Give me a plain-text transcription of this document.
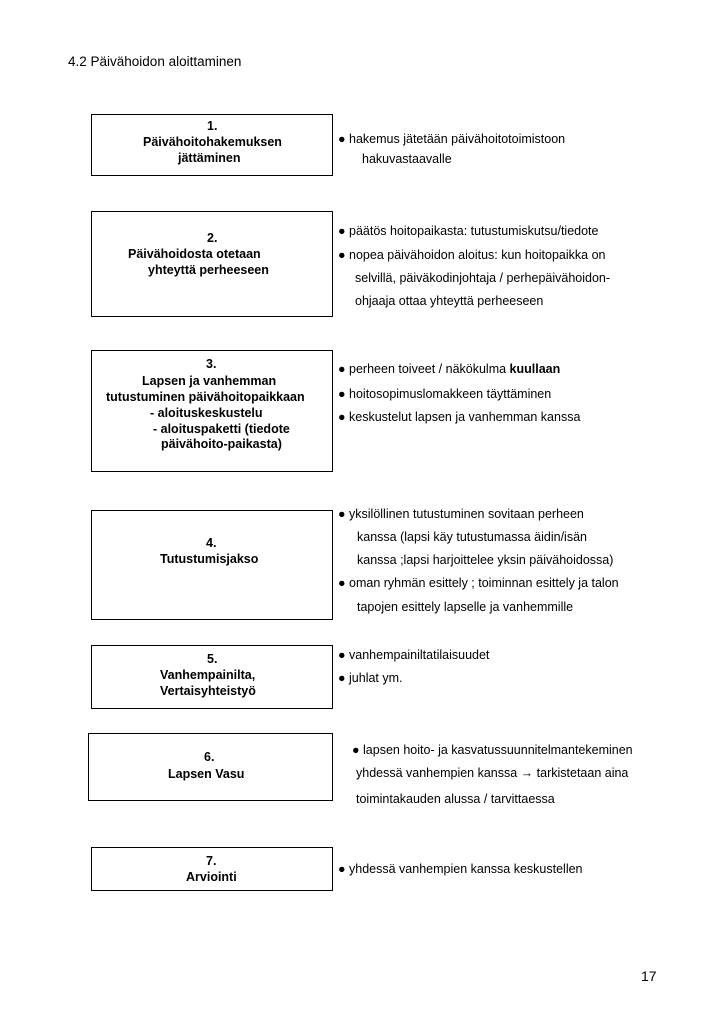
4.2 Päivähoidon aloittaminen
1.
Päivähoitohakemuksen
jättäminen
● hakemus jätetään päivähoitotoimistoon
hakuvastaavalle
2.
Päivähoidosta otetaan
yhteyttä perheeseen
● päätös hoitopaikasta: tutustumiskutsu/tiedote
● nopea päivähoidon aloitus: kun hoitopaikka on
selvillä, päiväkodinjohtaja / perhepäivähoidon-
ohjaaja ottaa yhteyttä perheeseen
3.
Lapsen ja vanhemman
tutustuminen päivähoitopaikkaan
- aloituskeskustelu
- aloituspaketti (tiedote
päivähoito-paikasta)
● perheen toiveet / näkökulma kuullaan
● hoitosopimuslomakkeen täyttäminen
● keskustelut lapsen ja vanhemman kanssa
4.
Tutustumisjakso
● yksilöllinen tutustuminen sovitaan perheen
kanssa (lapsi käy tutustumassa äidin/isän
kanssa ;lapsi harjoittelee yksin päivähoidossa)
● oman ryhmän esittely ; toiminnan esittely ja talon
tapojen esittely lapselle ja vanhemmille
5.
Vanhempainilta,
Vertaisyhteistyö
● vanhempainiltatilaisuudet
● juhlat ym.
6.
Lapsen Vasu
● lapsen hoito- ja kasvatussuunnitelmantekeminen
yhdessä vanhempien kanssa → tarkistetaan aina
toimintakauden alussa / tarvittaessa
7.
Arviointi
● yhdessä vanhempien kanssa keskustellen
17
